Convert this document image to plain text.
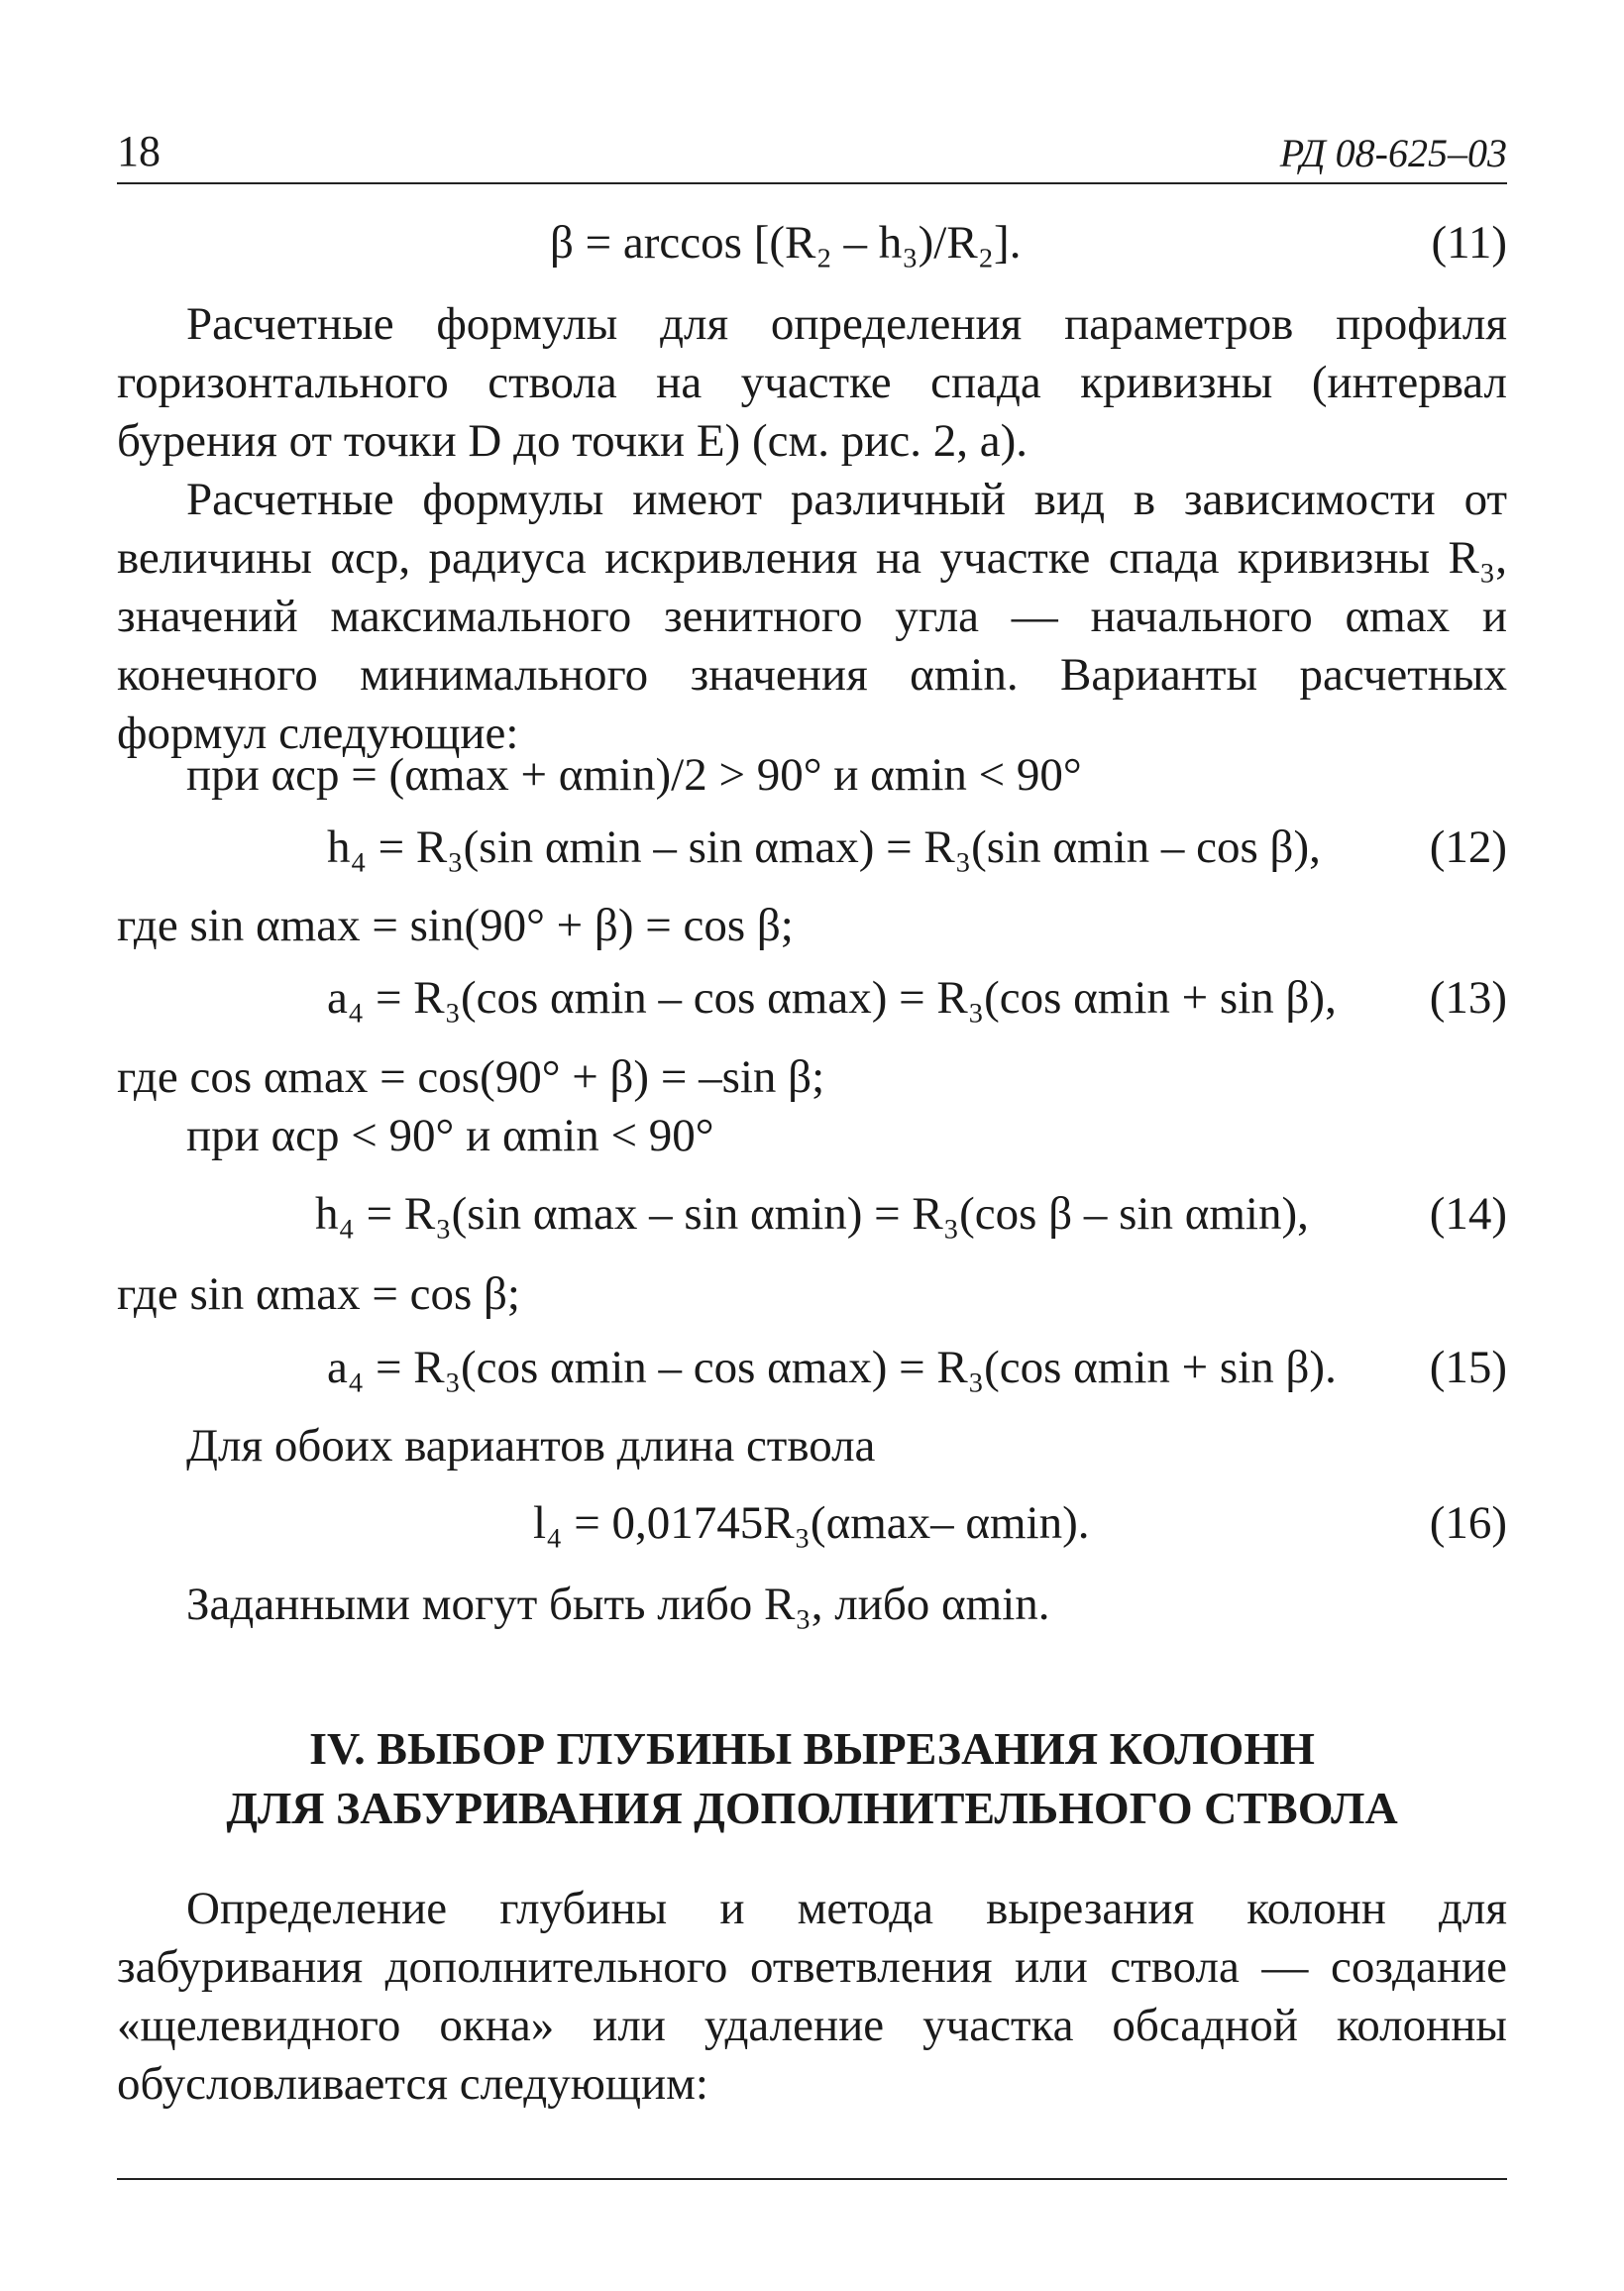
18	РД 08-625–03
β = arccos [(R₂ – h₃)/R₂].	(11)

Расчетные формулы для определения параметров профиля горизонтального ствола на участке спада кривизны (интервал бурения от точки D до точки E) (см. рис. 2, а).

Расчетные формулы имеют различный вид в зависимости от величины αср, радиуса искривления на участке спада кривизны R₃, значений максимального зенитного угла — начального αmax и конечного минимального значения αmin. Варианты расчетных формул следующие:

при αср = (αmax + αmin)/2 > 90° и αmin < 90°

h₄ = R₃(sin αmin – sin αmax) = R₃(sin αmin – cos β), (12)

где sin αmax = sin(90° + β) = cos β;

a₄ = R₃(cos αmin – cos αmax) = R₃(cos αmin + sin β), (13)

где cos αmax = cos(90° + β) = –sin β;

при αср < 90° и αmin < 90°

h₄ = R₃(sin αmax – sin αmin) = R₃(cos β – sin αmin),	(14)

где sin αmax = cos β;

a₄ = R₃(cos αmin – cos αmax) = R₃(cos αmin + sin β). (15)

Для обоих вариантов длина ствола

l₄ = 0,01745R₃(αmax– αmin).	(16)

Заданными могут быть либо R₃, либо αmin.

IV. ВЫБОР ГЛУБИНЫ ВЫРЕЗАНИЯ КОЛОНН
ДЛЯ ЗАБУРИВАНИЯ ДОПОЛНИТЕЛЬНОГО СТВОЛА

Определение глубины и метода вырезания колонн для забуривания дополнительного ответвления или ствола — создание «щелевидного окна» или удаление участка обсадной колонны обусловливается следующим:
